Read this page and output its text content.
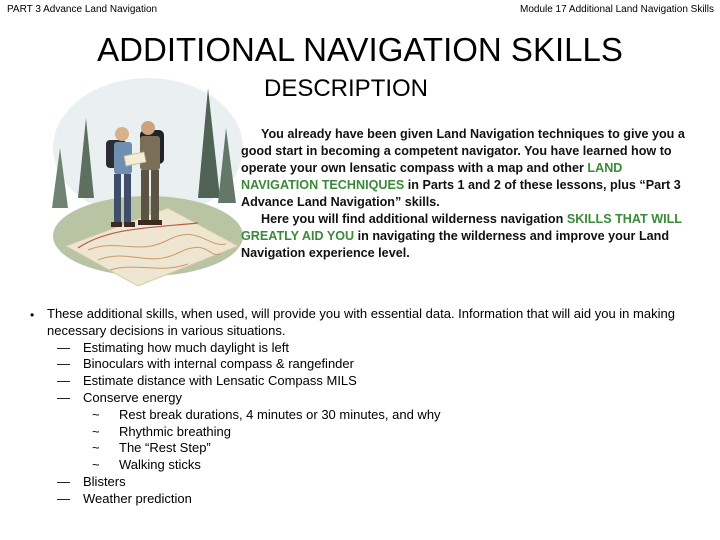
PART 3 Advance Land Navigation	Module 17 Additional Land Navigation Skills
ADDITIONAL NAVIGATION SKILLS
DESCRIPTION

You already have been given Land Navigation techniques to give you a good start in becoming a competent navigator. You have learned how to operate your own lensatic compass with a map and other LAND NAVIGATION TECHNIQUES in Parts 1 and 2 of these lessons, plus “Part 3 Advance Land Navigation” skills.

Here you will find additional wilderness navigation SKILLS THAT WILL GREATLY AID YOU in navigating the wilderness and improve your Land Navigation experience level.

• These additional skills, when used, will provide you with essential data. Information that will aid you in making necessary decisions in various situations.
— Estimating how much daylight is left
— Binoculars with internal compass & rangefinder
— Estimate distance with Lensatic Compass MILS
— Conserve energy
~ Rest break durations, 4 minutes or 30 minutes, and why
~ Rhythmic breathing
~ The “Rest Step”
~ Walking sticks
— Blisters
— Weather prediction
